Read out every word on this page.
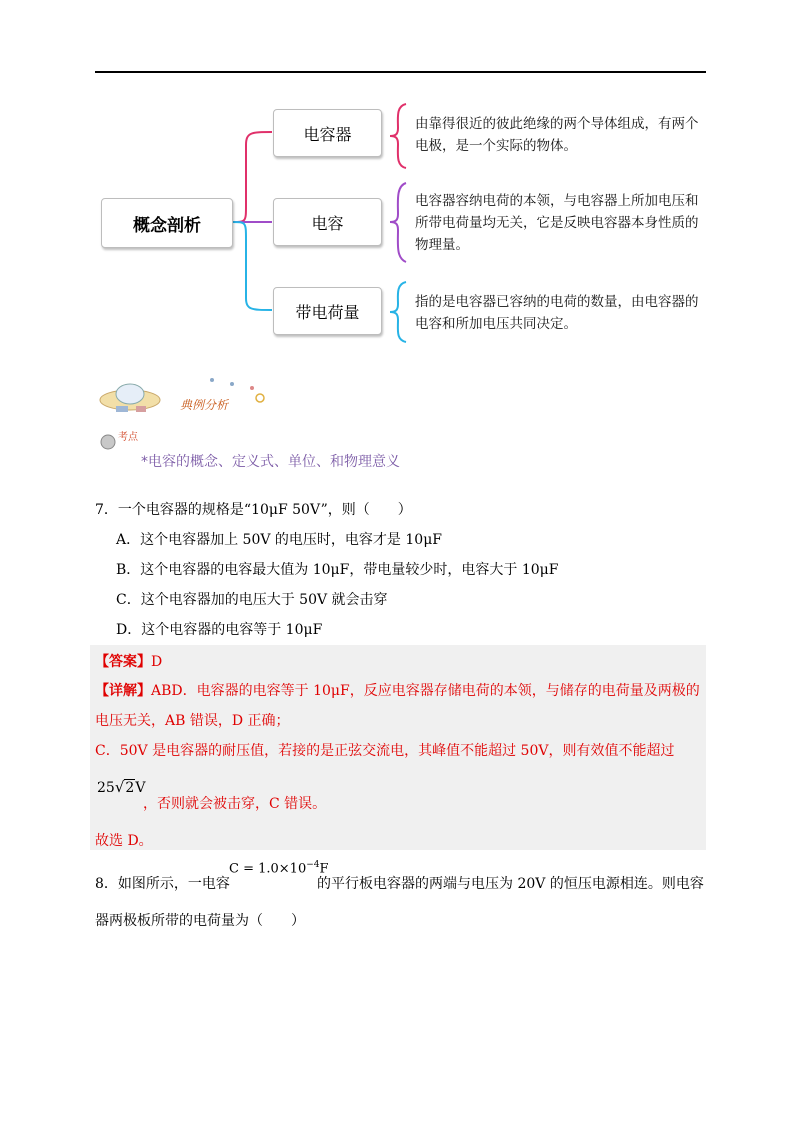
概念剖析
电容器
电容
带电荷量
由靠得很近的彼此绝缘的两个导体组成，有两个电极，是一个实际的物体。
电容器容纳电荷的本领，与电容器上所加电压和所带电荷量均无关，它是反映电容器本身性质的物理量。
指的是电容器已容纳的电荷的数量，由电容器的电容和所加电压共同决定。
考点
典例分析
*电容的概念、定义式、单位、和物理意义
7．一个电容器的规格是“10μF 50V”，则（　　）
A．这个电容器加上 50V 的电压时，电容才是 10μF
B．这个电容器的电容最大值为 10μF，带电量较少时，电容大于 10μF
C．这个电容器加的电压大于 50V 就会击穿
D．这个电容器的电容等于 10μF
【答案】D
【详解】ABD．电容器的电容等于 10μF，反应电容器存储电荷的本领，与储存的电荷量及两极的
电压无关，AB 错误，D 正确；
C．50V 是电容器的耐压值，若接的是正弦交流电，其峰值不能超过 50V，则有效值不能超过
25√2V
，否则就会被击穿，C 错误。
故选 D。
8．如图所示，一电容
$C = 1.0\times 10^{-4}F$
的平行板电容器的两端与电压为 20V 的恒压电源相连。则电容
器两极板所带的电荷量为（　　）
